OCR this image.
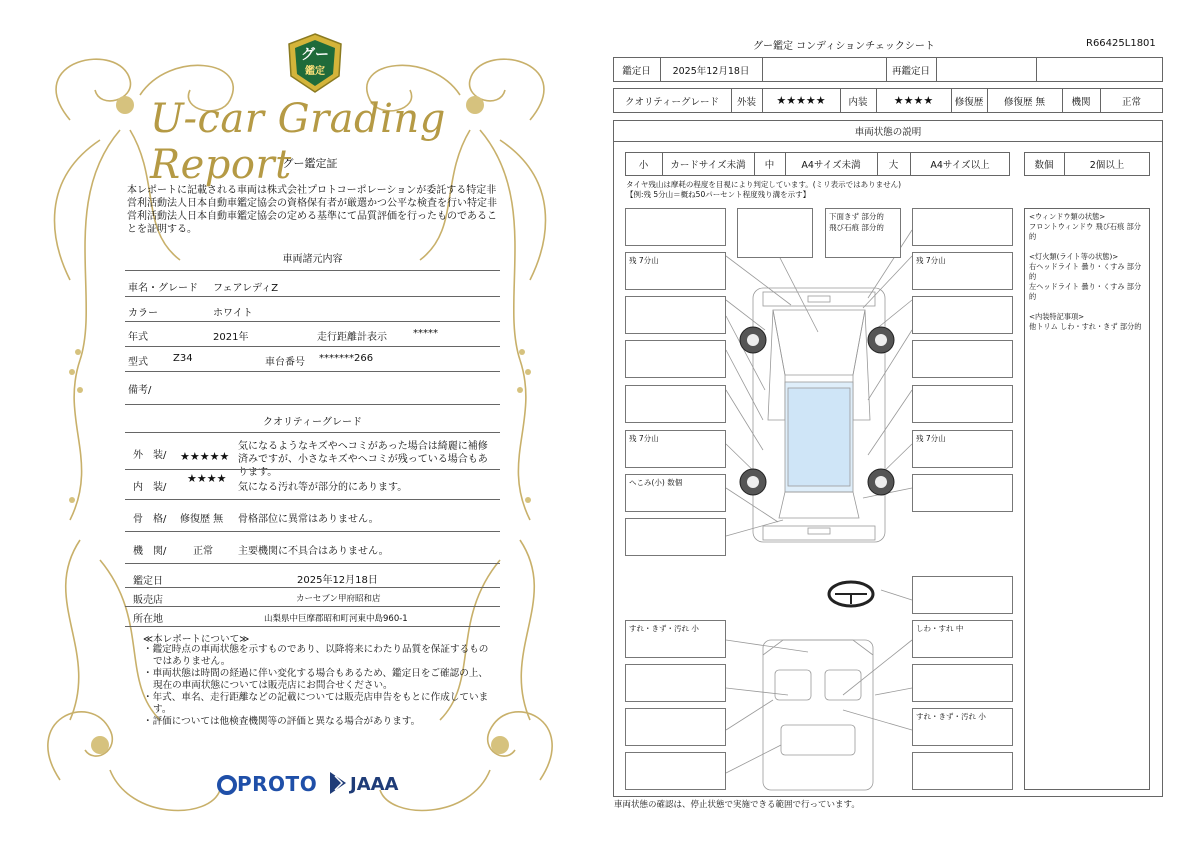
グー
鑑定
U-car Grading Report
グー鑑定証
本レポートに記載される車両は株式会社プロトコーポレーションが委託する特定非営利活動法人日本自動車鑑定協会の資格保有者が厳選かつ公平な検査を行い特定非営利活動法人日本自動車鑑定協会の定める基準にて品質評価を行ったものであることを証明する。
車両諸元内容
車名・グレード フェアレディZ
カラー	ホワイト
年式	2021年	走行距離計表示	*****
型式	Z34	車台番号 *******266
備考/
クオリティーグレード
外　装/ ★★★★★
気になるようなキズやヘコミがあった場合は綺麗に補修済みですが、小さなキズやヘコミが残っている場合もあります。
内　装/
★★★★
気になる汚れ等が部分的にあります。
骨　格/ 修復歴 無 骨格部位に異常はありません。
機　関/	正常	主要機関に不具合はありません。
鑑定日	2025年12月18日
販売店	カーセブン甲府昭和店
所在地	山梨県中巨摩郡昭和町河東中島960-1
≪本レポートについて≫
・鑑定時点の車両状態を示すものであり、以降将来にわたり品質を保証するものではありません。
・車両状態は時間の経過に伴い変化する場合もあるため、鑑定日をご確認の上、現在の車両状態については販売店にお問合せください。
・年式、車名、走行距離などの記載については販売店申告をもとに作成しています。
・評価については他検査機関等の評価と異なる場合があります。
PROTO JAAA
グー鑑定 コンディションチェックシート	R66425L1801
鑑定日	2025年12月18日	再鑑定日
クオリティーグレード	外装	★★★★★	内装	★★★★	修復歴	修復歴 無	機関	正常
車両状態の説明
小	カードサイズ未満	中	A4サイズ未満	大	A4サイズ以上	数個	2個以上
タイヤ残山は摩耗の程度を目視により判定しています。(ミリ表示ではありません)
【例:残 5分山＝概ね50パーセント程度残り溝を示す】
残 7分山
残 7分山
へこみ(小) 数個
すれ・きず・汚れ 小
下面きず 部分的
飛び石痕 部分的
残 7分山
残 7分山
しわ・すれ 中
すれ・きず・汚れ 小
<ウィンドウ類の状態>
フロントウィンドウ 飛び石痕 部分的
<灯火類(ライト等の状態)>
右ヘッドライト 曇り・くすみ 部分的
左ヘッドライト 曇り・くすみ 部分的
<内装特記事項>
他トリム しわ・すれ・きず 部分的
車両状態の確認は、停止状態で実施できる範囲で行っています。
